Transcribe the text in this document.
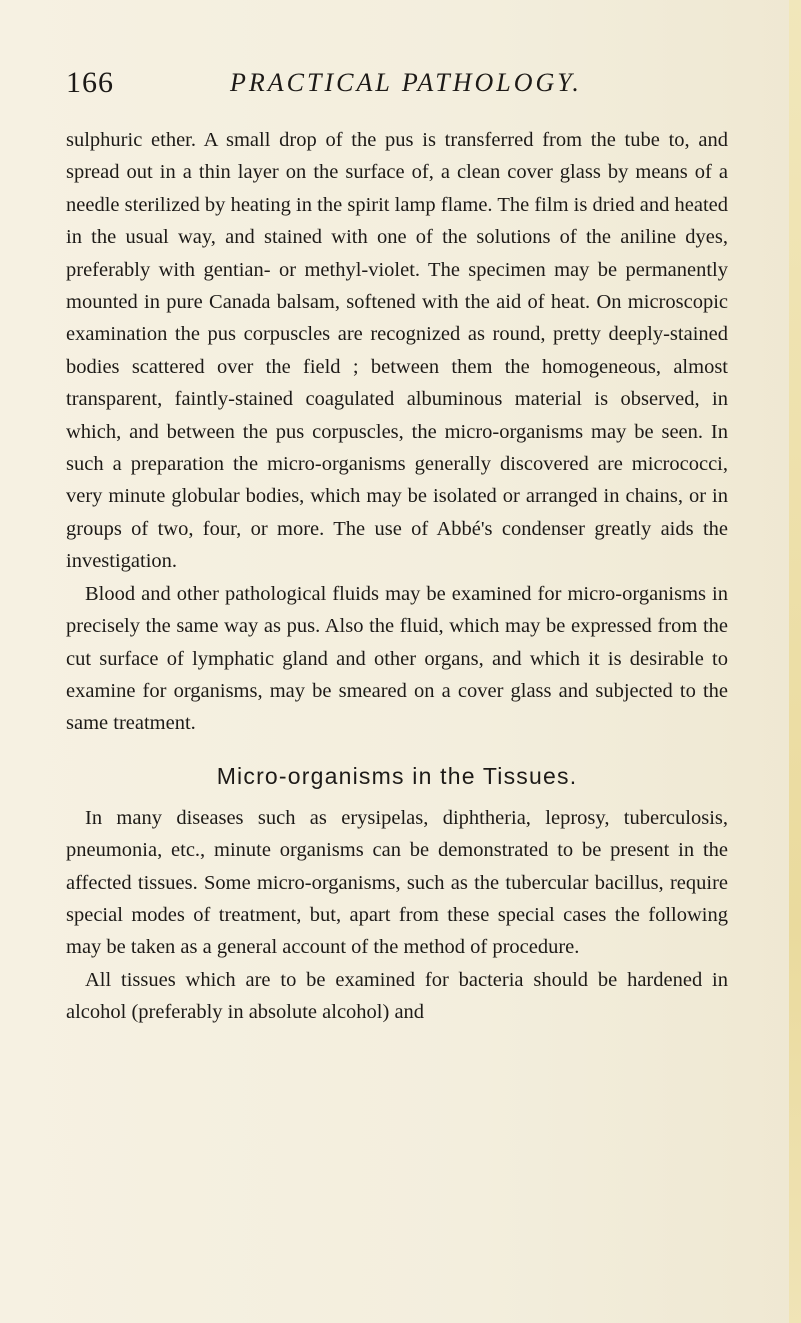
166	PRACTICAL PATHOLOGY.

sulphuric ether. A small drop of the pus is transferred from the tube to, and spread out in a thin layer on the surface of, a clean cover glass by means of a needle sterilized by heating in the spirit lamp flame. The film is dried and heated in the usual way, and stained with one of the solutions of the aniline dyes, preferably with gentian- or methyl-violet. The specimen may be permanently mounted in pure Canada balsam, softened with the aid of heat. On microscopic examination the pus corpuscles are recognized as round, pretty deeply-stained bodies scattered over the field ; between them the homogeneous, almost transparent, faintly-stained coagulated albuminous material is observed, in which, and between the pus corpuscles, the micro-organisms may be seen. In such a preparation the micro-organisms generally discovered are micrococci, very minute globular bodies, which may be isolated or arranged in chains, or in groups of two, four, or more. The use of Abbé's condenser greatly aids the investigation.

Blood and other pathological fluids may be examined for micro-organisms in precisely the same way as pus. Also the fluid, which may be expressed from the cut surface of lymphatic gland and other organs, and which it is desirable to examine for organisms, may be smeared on a cover glass and subjected to the same treatment.

Micro-organisms in the Tissues.

In many diseases such as erysipelas, diphtheria, leprosy, tuberculosis, pneumonia, etc., minute organisms can be demonstrated to be present in the affected tissues. Some micro-organisms, such as the tubercular bacillus, require special modes of treatment, but, apart from these special cases the following may be taken as a general account of the method of procedure.

All tissues which are to be examined for bacteria should be hardened in alcohol (preferably in absolute alcohol) and
